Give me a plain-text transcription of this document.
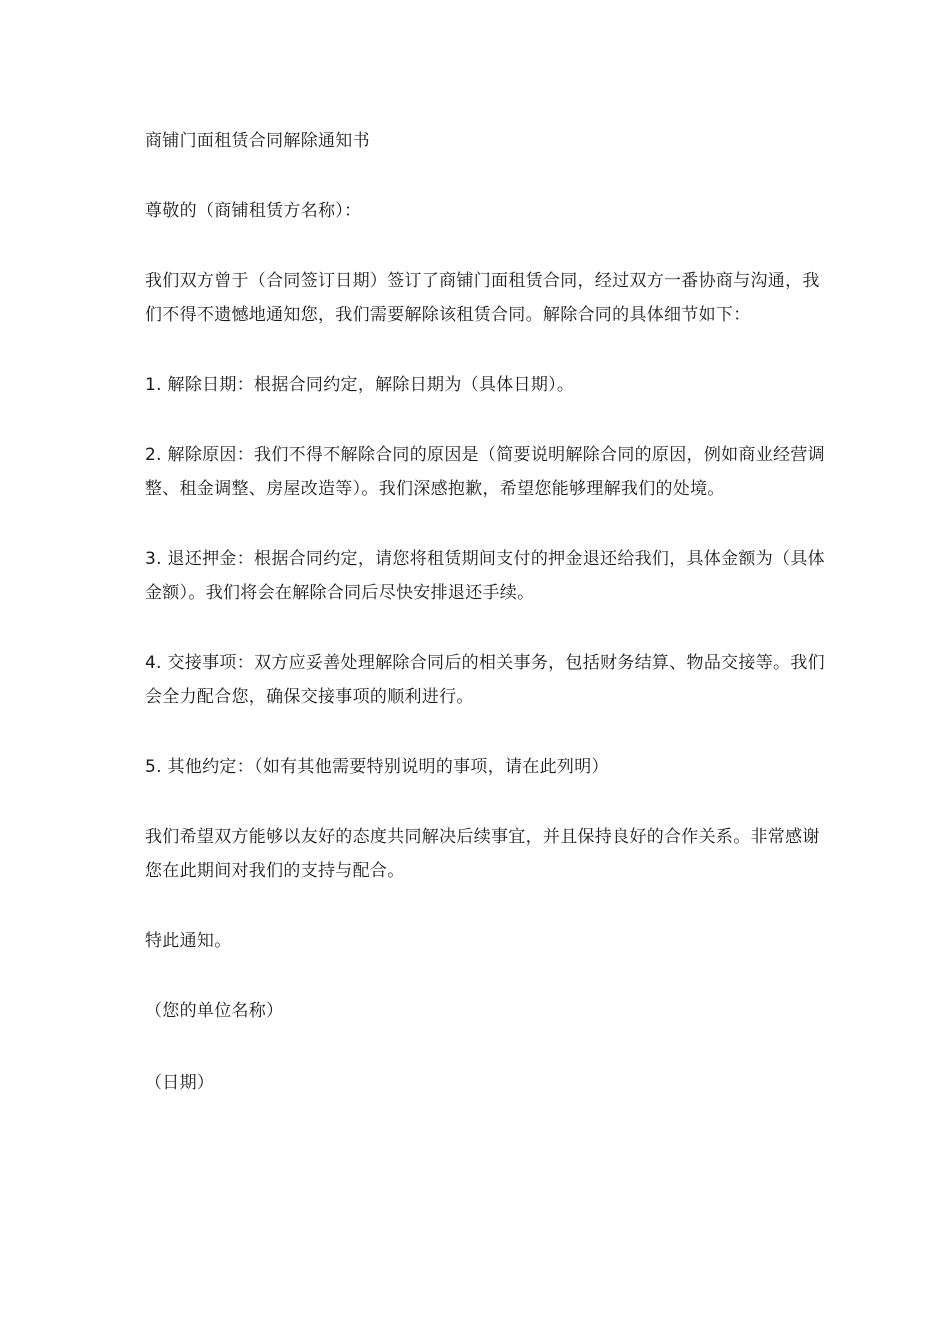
商铺门面租赁合同解除通知书

尊敬的（商铺租赁方名称）：

我们双方曾于（合同签订日期）签订了商铺门面租赁合同，经过双方一番协商与沟通，我们不得不遗憾地通知您，我们需要解除该租赁合同。解除合同的具体细节如下：

1. 解除日期：根据合同约定，解除日期为（具体日期）。

2. 解除原因：我们不得不解除合同的原因是（简要说明解除合同的原因，例如商业经营调整、租金调整、房屋改造等）。我们深感抱歉，希望您能够理解我们的处境。

3. 退还押金：根据合同约定，请您将租赁期间支付的押金退还给我们，具体金额为（具体金额）。我们将会在解除合同后尽快安排退还手续。

4. 交接事项：双方应妥善处理解除合同后的相关事务，包括财务结算、物品交接等。我们会全力配合您，确保交接事项的顺利进行。

5. 其他约定：（如有其他需要特别说明的事项，请在此列明）

我们希望双方能够以友好的态度共同解决后续事宜，并且保持良好的合作关系。非常感谢您在此期间对我们的支持与配合。

特此通知。

（您的单位名称）

（日期）
